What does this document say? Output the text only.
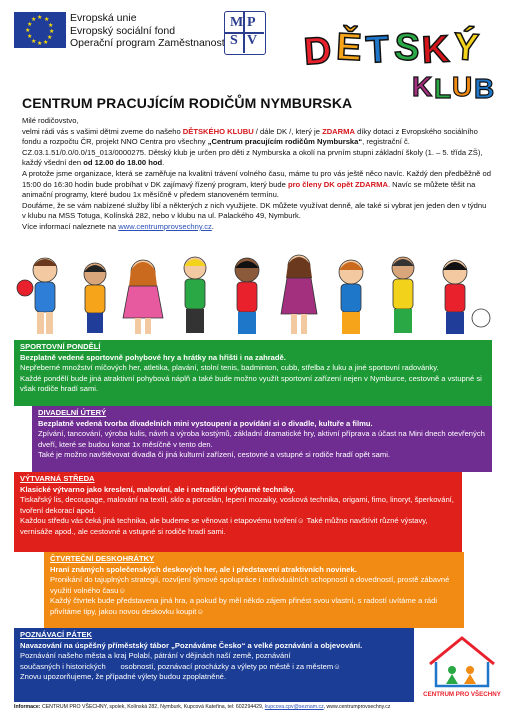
★ ★
★
★
★
★
★
★
★
★
★
★	Evropská unie
Evropský sociální fond
Operační program Zaměstnanost
M P
S V D Ě T S K Ý
K L U B
CENTRUM PRACUJÍCÍM RODIČŮM NYMBURSKA

Milé rodičovstvo,

velmi rádi vás s vašimi dětmi zveme do našeho DĚTSKÉHO KLUBU / dále DK /, který je ZDARMA díky dotaci z Evropského sociálního fondu a rozpočtu ČR, projekt NNO Centra pro všechny „Centrum pracujícím rodičům Nymburska“, registrační č. CZ.03.1.51/0.0/0.0/15_013/0000275. Dětský klub je určen pro děti z Nymburska a okolí na prvním stupni základní školy (1. – 5. třída ZŠ), každý všední den od 12.00 do 18.00 hod.

A protože jsme organizace, která se zaměřuje na kvalitní trávení volného času, máme tu pro vás ještě něco navíc. Každý den předběžně od 15:00 do 16:30 hodin bude probíhat v DK zajímavý řízený program, který bude pro členy DK opět ZDARMA. Navíc se můžete těšit na animační programy, které budou 1x měsíčně v předem stanoveném termínu.

Doufáme, že se vám nabízené služby líbí a některých z nich využijete. DK můžete využívat denně, ale také si vybrat jen jeden den v týdnu v klubu na MSS Totuga, Kolínská 282, nebo v klubu na ul. Palackého 49, Nymburk.

Více informací naleznete na www.centrumprovsechny.cz.

SPORTOVNÍ PONDĚLÍ

Bezplatně vedené sportovně pohybové hry a hrátky na hřišti i na zahradě.

Nepřeberné množství míčových her, atletika, plavání, stolní tenis, badminton, cubb, střelba z luku a jiné sportovní radovánky.

Každé pondělí bude jiná atraktivní pohybová náplň a také bude možno využít sportovní zařízení nejen v Nymburce, cestovně a vstupné si však rodiče hradí sami.

DIVADELNÍ ÚTERÝ

Bezplatně vedená tvorba divadelních mini vystoupení a povídání si o divadle, kultuře a filmu.

Zpívání, tancování, výroba kulis, návrh a výroba kostýmů, základní dramatické hry, aktivní příprava a účast na Mini dnech otevřených dveří, které se budou konat 1x měsíčně v tento den.

Také je možno navštěvovat divadla či jiná kulturní zařízení, cestovné a vstupné si rodiče hradí opět sami.

VÝTVARNÁ STŘEDA

Klasické výtvarno jako kreslení, malování, ale i netradiční výtvarné techniky.

Tiskařský lis, decoupage, malování na textil, sklo a porcelán, lepení mozaiky, vosková technika, origami, fimo, linoryt, šperkování, tvoření dekorací apod.

Každou středu vás čeká jiná technika, ale budeme se věnovat i etapovému tvoření☺ Také můžno navštívit různé výstavy, vernisáže apod., ale cestovné a vstupné si rodiče hradí sami.

ČTVRTEČNÍ DESKOHRÁTKY

Hraní známých společenských deskových her, ale i představení atraktivních novinek.

Pronikání do tajuplných strategií, rozvíjení týmové spolupráce i individuálních schopností a dovedností, prostě zábavné využití volného času☺

Každý čtvrtek bude představena jiná hra, a pokud by měl někdo zájem přinést svou vlastní, s radostí uvítáme a rádi přivítáme tipy, jakou novou deskovku koupit☺

POZNÁVACÍ PÁTEK

Navazování na úspěšný příměstský tábor „Poznáváme Česko“ a velké poznávání a objevování.

Poznávání našeho města a kraj Polabí, pátrání v dějinách naší země, poznávání

současných i historických       osobností, poznávací procházky a výlety po městě i za městem☺

Znovu upozorňujeme, že případné výlety budou zpoplatněné.

CENTRUM PRO VŠECHNY
Informace: CENTRUM PRO VŠECHNY, spolek, Kolínská 282, Nymburk, Kupcová Kateřina, tel: 602294429, kupcova.cpv@seznam.cz, www.centrumprovsechny.cz
